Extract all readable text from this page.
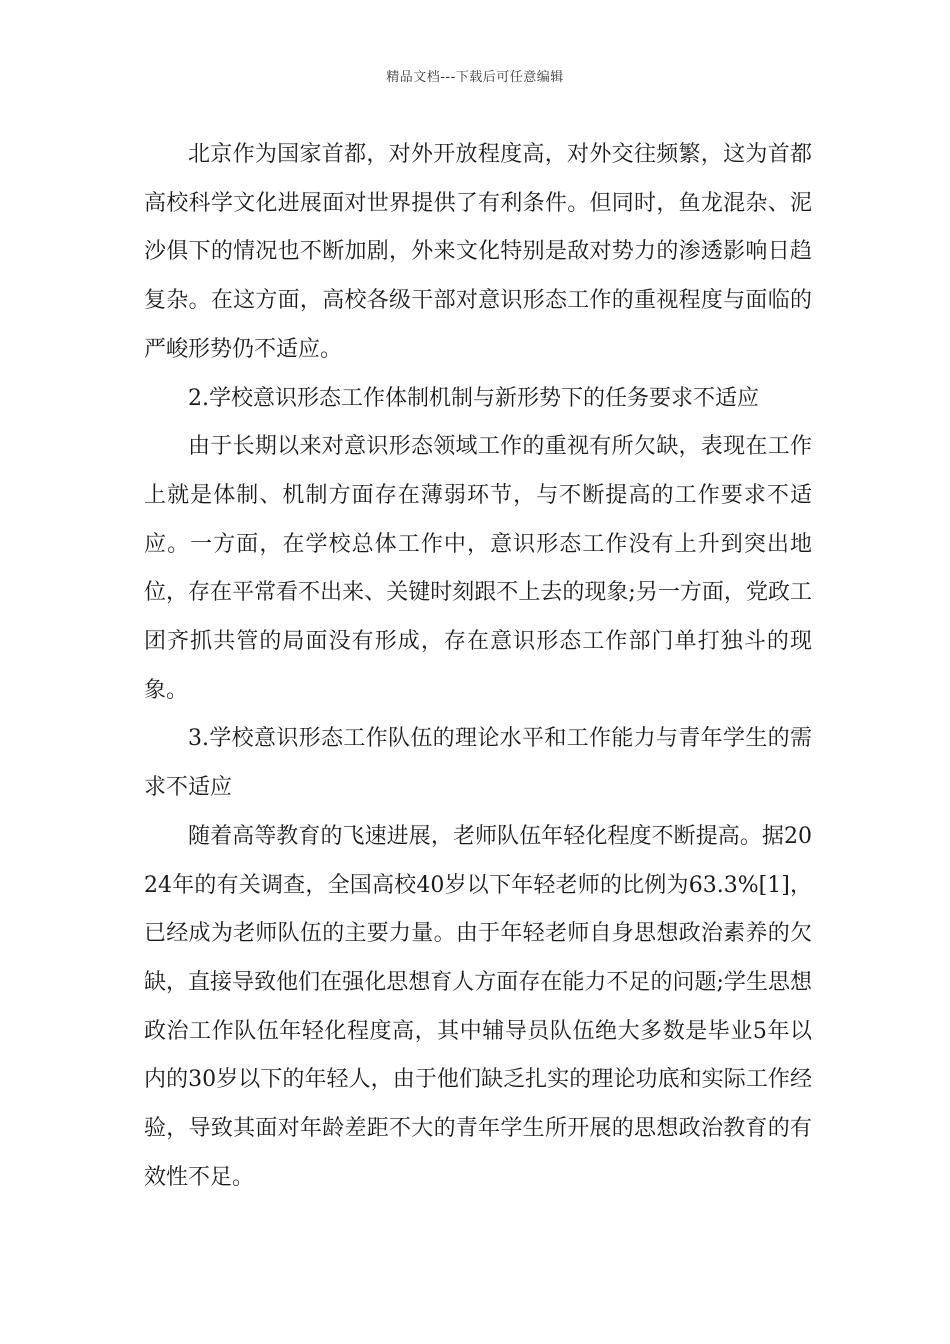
精品文档---下载后可任意编辑

北京作为国家首都，对外开放程度高，对外交往频繁，这为首都高校科学文化进展面对世界提供了有利条件。但同时，鱼龙混杂、泥沙俱下的情况也不断加剧，外来文化特别是敌对势力的渗透影响日趋复杂。在这方面，高校各级干部对意识形态工作的重视程度与面临的严峻形势仍不适应。

2.学校意识形态工作体制机制与新形势下的任务要求不适应

由于长期以来对意识形态领域工作的重视有所欠缺，表现在工作上就是体制、机制方面存在薄弱环节，与不断提高的工作要求不适应。一方面，在学校总体工作中，意识形态工作没有上升到突出地位，存在平常看不出来、关键时刻跟不上去的现象;另一方面，党政工团齐抓共管的局面没有形成，存在意识形态工作部门单打独斗的现象。

3.学校意识形态工作队伍的理论水平和工作能力与青年学生的需求不适应

随着高等教育的飞速进展，老师队伍年轻化程度不断提高。据2024年的有关调查，全国高校40岁以下年轻老师的比例为63.3%[1]，已经成为老师队伍的主要力量。由于年轻老师自身思想政治素养的欠缺，直接导致他们在强化思想育人方面存在能力不足的问题;学生思想政治工作队伍年轻化程度高，其中辅导员队伍绝大多数是毕业5年以内的30岁以下的年轻人，由于他们缺乏扎实的理论功底和实际工作经验，导致其面对年龄差距不大的青年学生所开展的思想政治教育的有效性不足。
